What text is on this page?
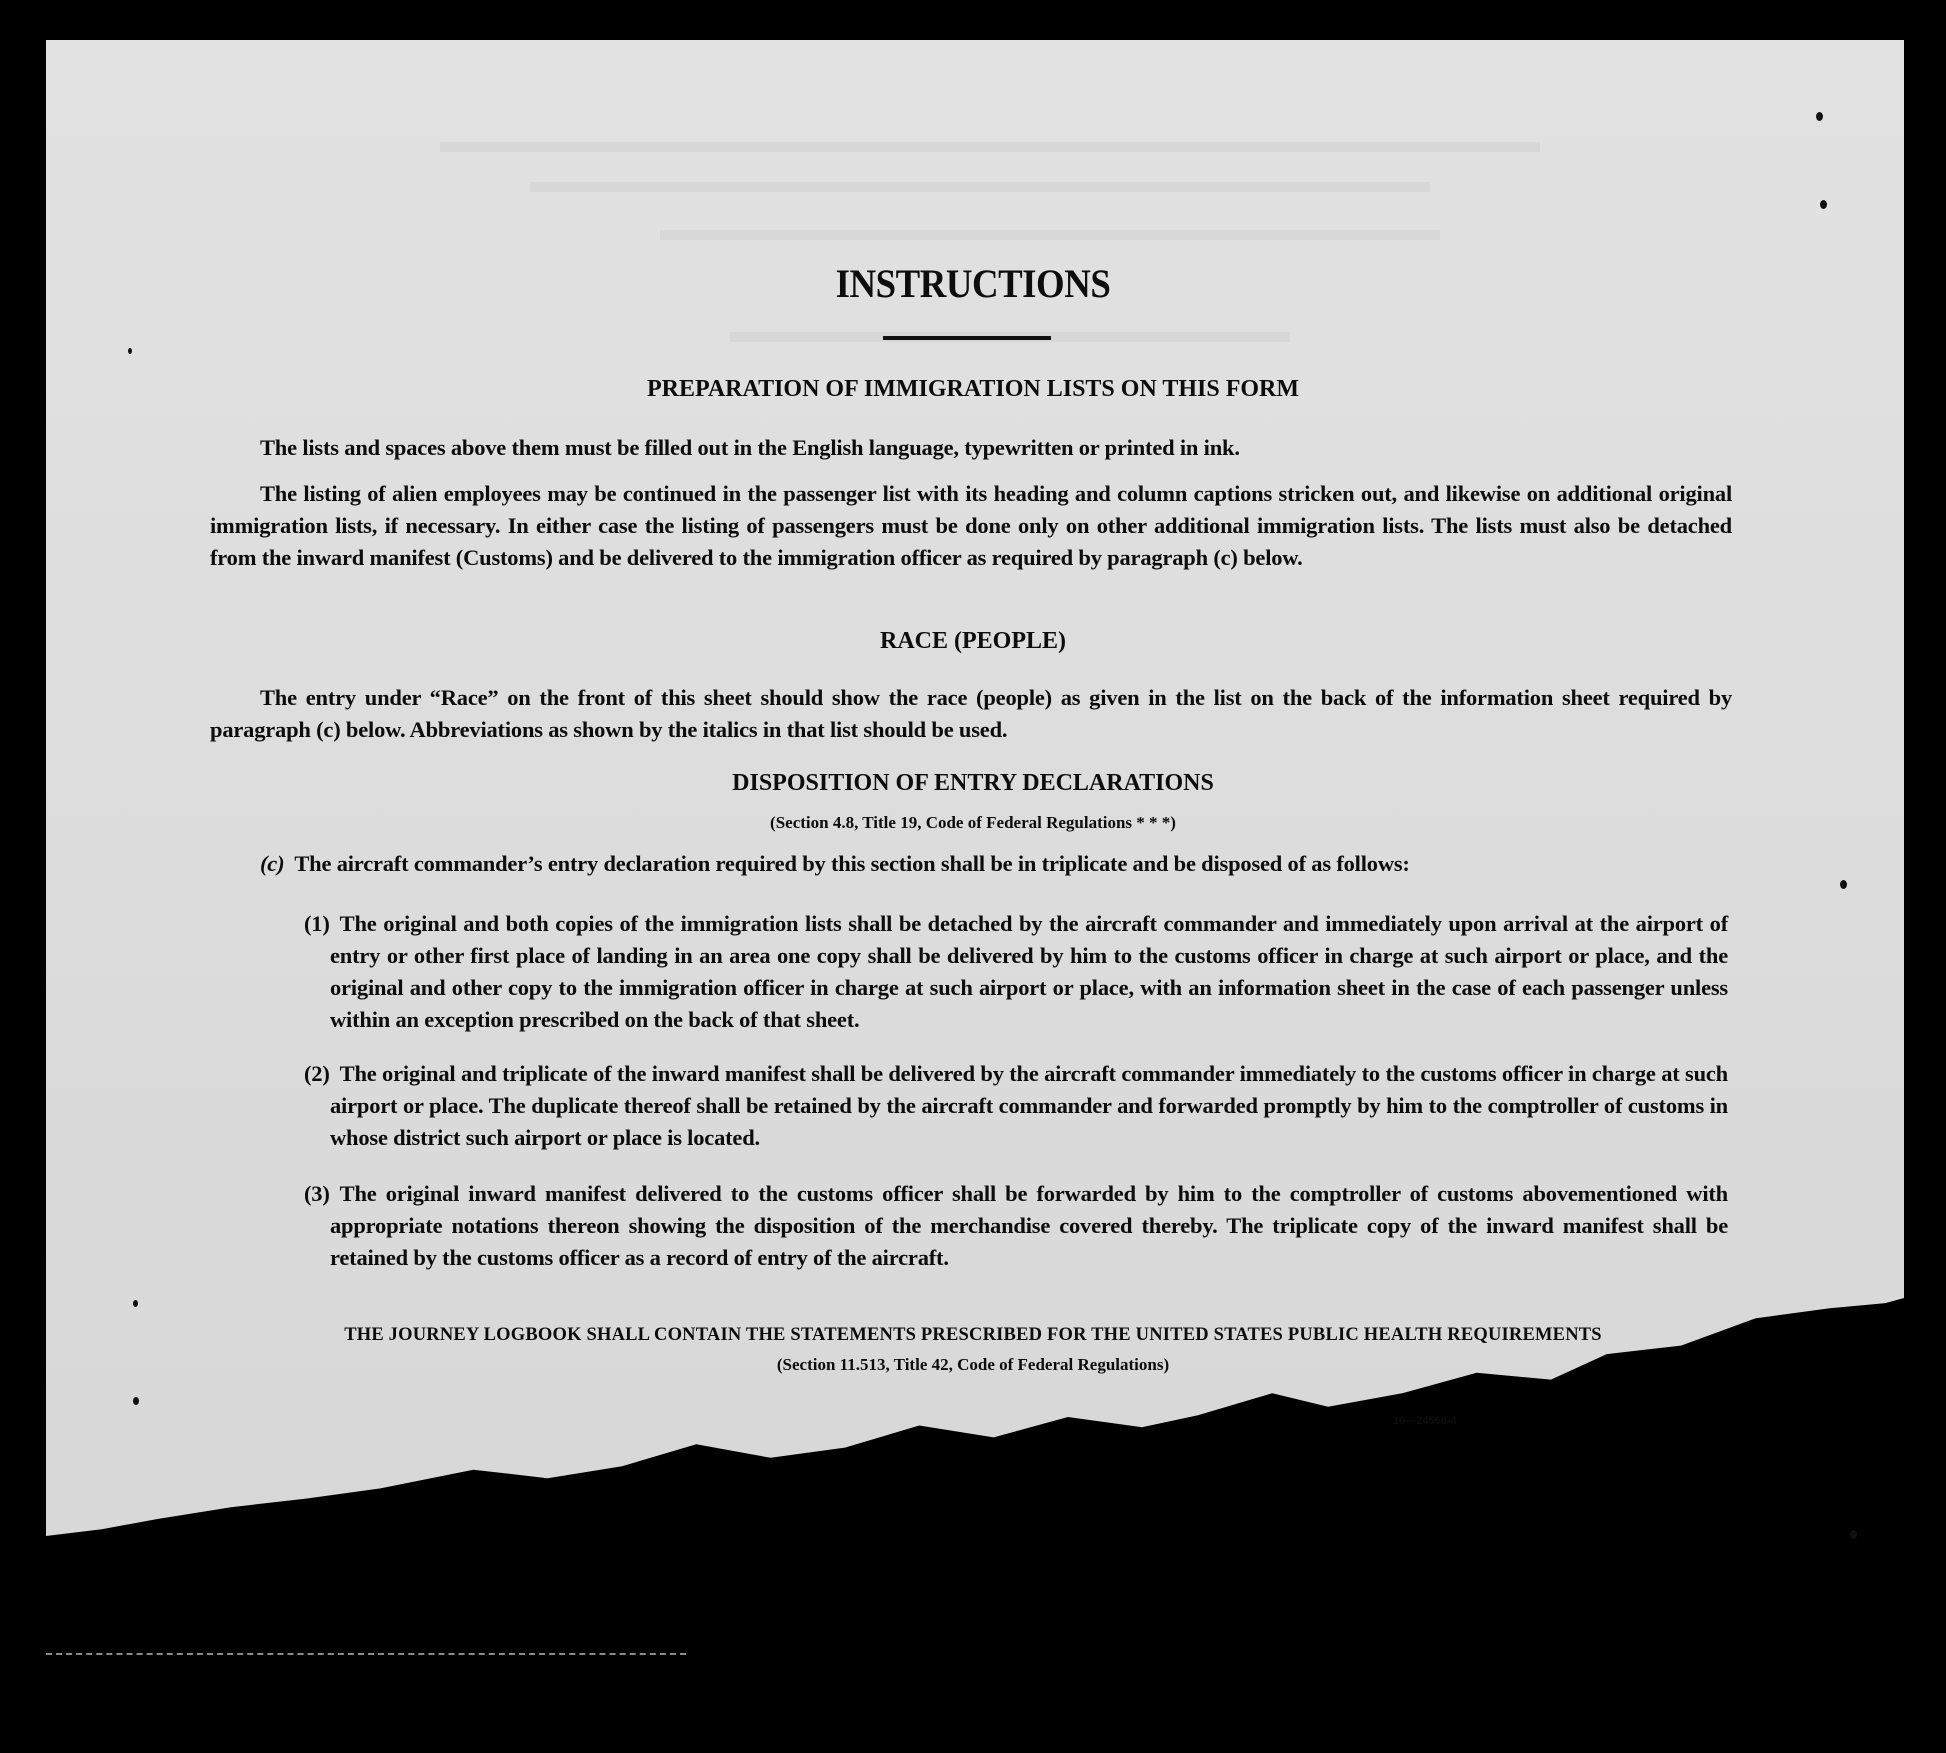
INSTRUCTIONS
PREPARATION OF IMMIGRATION LISTS ON THIS FORM
The lists and spaces above them must be filled out in the English language, typewritten or printed in ink.
The listing of alien employees may be continued in the passenger list with its heading and column captions stricken out, and likewise on additional original immigration lists, if necessary. In either case the listing of passengers must be done only on other additional immigration lists. The lists must also be detached from the inward manifest (Customs) and be delivered to the immigration officer as required by paragraph (c) below.
RACE (PEOPLE)
The entry under “Race” on the front of this sheet should show the race (people) as given in the list on the back of the information sheet required by paragraph (c) below. Abbreviations as shown by the italics in that list should be used.
DISPOSITION OF ENTRY DECLARATIONS
(Section 4.8, Title 19, Code of Federal Regulations * * *)
(c) The aircraft commander’s entry declaration required by this section shall be in triplicate and be disposed of as follows:
(1) The original and both copies of the immigration lists shall be detached by the aircraft commander and immediately upon arrival at the airport of entry or other first place of landing in an area one copy shall be delivered by him to the customs officer in charge at such airport or place, and the original and other copy to the immigration officer in charge at such airport or place, with an information sheet in the case of each passenger unless within an exception prescribed on the back of that sheet.
(2) The original and triplicate of the inward manifest shall be delivered by the aircraft commander immediately to the customs officer in charge at such airport or place. The duplicate thereof shall be retained by the aircraft commander and forwarded promptly by him to the comptroller of customs in whose district such airport or place is located.
(3) The original inward manifest delivered to the customs officer shall be forwarded by him to the comptroller of customs abovementioned with appropriate notations thereon showing the disposition of the merchandise covered thereby. The triplicate copy of the inward manifest shall be retained by the customs officer as a record of entry of the aircraft.
THE JOURNEY LOGBOOK SHALL CONTAIN THE STATEMENTS PRESCRIBED FOR THE UNITED STATES PUBLIC HEALTH REQUIREMENTS
(Section 11.513, Title 42, Code of Federal Regulations)
16—24560-4
